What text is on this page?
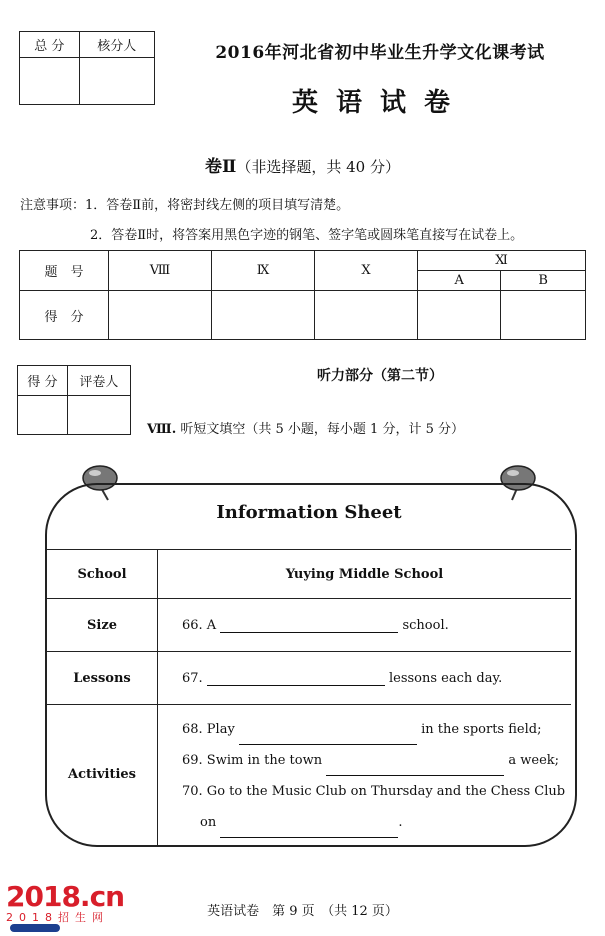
总 分	核分人
		2016年河北省初中毕业生升学文化课考试
英语试卷
卷Ⅱ（非选择题，共 40 分）
注意事项：1．答卷Ⅱ前，将密封线左侧的项目填写清楚。
2．答卷Ⅱ时，将答案用黑色字迹的钢笔、签字笔或圆珠笔直接写在试卷上。
题　号	Ⅷ	Ⅸ	Ⅹ	Ⅺ	
				A	B
得　分					
得 分	评卷人
		听力部分（第二节）
Ⅷ. 听短文填空（共 5 小题，每小题 1 分，计 5 分）
Information Sheet
School	Yuying Middle School
Size	66. A school.
Lessons	67. lessons each day.
Activities	68. Play in the sports field;
69. Swim in the town a week;
70. Go to the Music Club on Thursday and the Chess Club
on .
英语试卷　第 9 页　（共 12 页）
2018.cn
2018招生网
